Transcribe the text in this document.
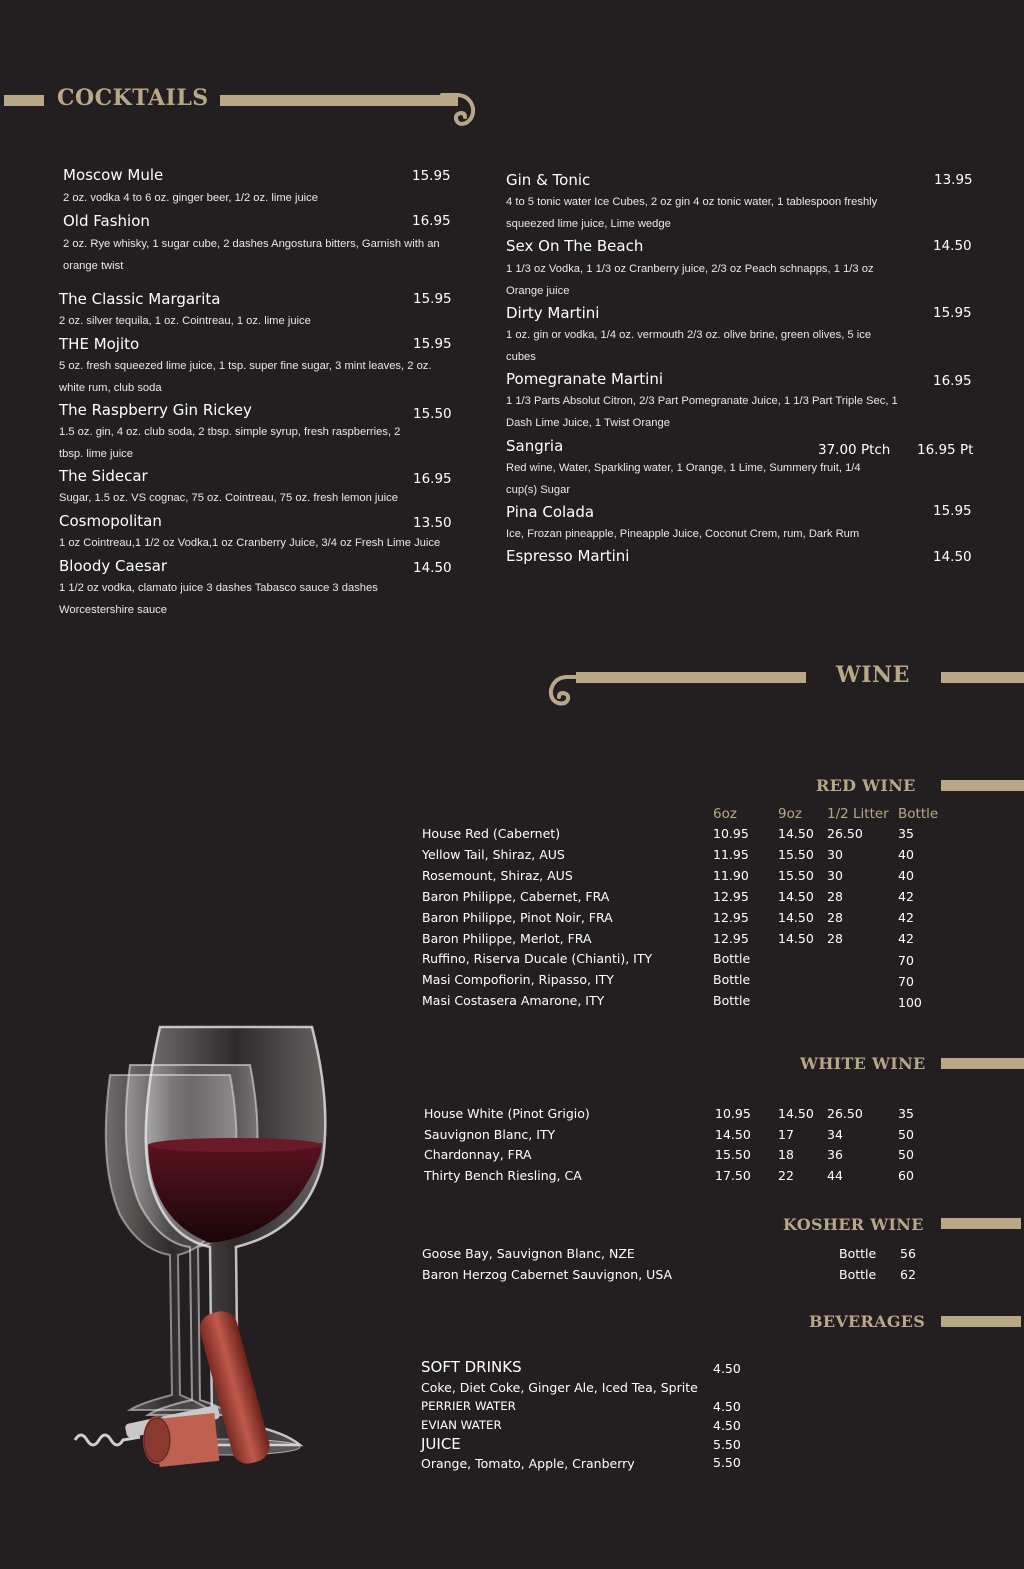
COCKTAILS
Moscow Mule	15.95
2 oz. vodka 4 to 6 oz. ginger beer, 1/2 oz. lime juice
Old Fashion	16.95
2 oz. Rye whisky, 1 sugar cube, 2 dashes Angostura bitters, Garnish with an orange twist
The Classic Margarita	15.95
2 oz. silver tequila, 1 oz. Cointreau, 1 oz. lime juice
THE Mojito	15.95
5 oz. fresh squeezed lime juice, 1 tsp. super fine sugar, 3 mint leaves, 2 oz. white rum, club soda
The Raspberry Gin Rickey	15.50
1.5 oz. gin, 4 oz. club soda, 2 tbsp. simple syrup, fresh raspberries, 2 tbsp. lime juice
The Sidecar	16.95
Sugar, 1.5 oz. VS cognac, 75 oz. Cointreau, 75 oz. fresh lemon juice
Cosmopolitan	13.50
1 oz Cointreau,1 1/2 oz Vodka,1 oz Cranberry Juice, 3/4 oz Fresh Lime Juice
Bloody Caesar	14.50
1 1/2 oz vodka, clamato juice 3 dashes Tabasco sauce 3 dashes Worcestershire sauce
Gin & Tonic	13.95
4 to 5 tonic water Ice Cubes, 2 oz gin 4 oz tonic water, 1 tablespoon freshly squeezed lime juice, Lime wedge
Sex On The Beach	14.50
1 1/3 oz Vodka, 1 1/3 oz Cranberry juice, 2/3 oz Peach schnapps, 1 1/3 oz Orange juice
Dirty Martini	15.95
1 oz. gin or vodka, 1/4 oz. vermouth 2/3 oz. olive brine, green olives, 5 ice cubes
Pomegranate Martini	16.95
1 1/3 Parts Absolut Citron, 2/3 Part Pomegranate Juice, 1 1/3 Part Triple Sec, 1 Dash Lime Juice, 1 Twist Orange
Sangria	37.00 Ptch 16.95 Pt
Red wine, Water, Sparkling water, 1 Orange, 1 Lime, Summery fruit, 1/4 cup(s) Sugar
Pina Colada	15.95
Ice, Frozan pineapple, Pineapple Juice, Coconut Crem, rum, Dark Rum
Espresso Martini	14.50
WINE
RED WINE
6oz	9oz 1/2 Litter Bottle
House Red (Cabernet)	10.95 14.50 26.50	35
Yellow Tail, Shiraz, AUS	11.95 15.50 30	40
Rosemount, Shiraz, AUS	11.90 15.50 30	40
Baron Philippe, Cabernet, FRA	12.95 14.50 28	42
Baron Philippe, Pinot Noir, FRA	12.95 14.50 28	42
Baron Philippe, Merlot, FRA	12.95 14.50 28	42
Ruffino, Riserva Ducale (Chianti), ITY	Bottle	70
Masi Compofiorin, Ripasso, ITY	Bottle	70
Masi Costasera Amarone, ITY	Bottle	100
WHITE WINE
House White (Pinot Grigio)	10.95 14.50 26.50	35
Sauvignon Blanc, ITY	14.50 17	34	50
Chardonnay, FRA	15.50 18	36	50
Thirty Bench Riesling, CA	17.50 22	44	60
KOSHER WINE
Goose Bay, Sauvignon Blanc, NZE	Bottle 56
Baron Herzog Cabernet Sauvignon, USA	Bottle 62
BEVERAGES
SOFT DRINKS	4.50
Coke, Diet Coke, Ginger Ale, Iced Tea, Sprite
PERRIER WATER	4.50
EVIAN WATER	4.50
JUICE	5.50
Orange, Tomato, Apple, Cranberry	5.50
